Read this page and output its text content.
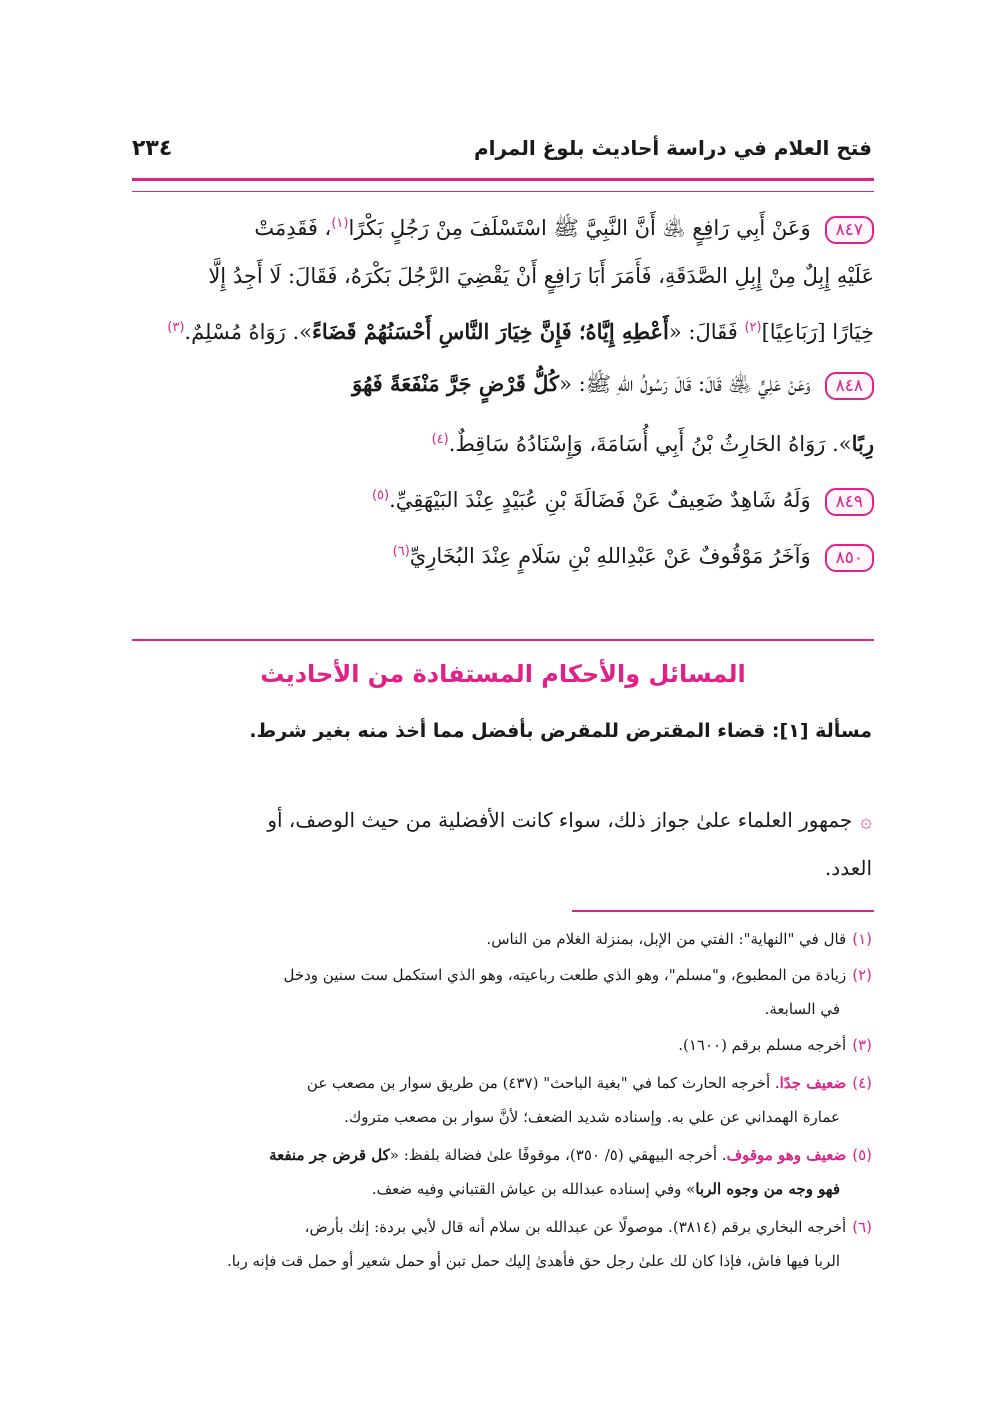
فتح العلام في دراسة أحاديث بلوغ المرام
٢٣٤
٨٤٧وَعَنْ أَبِي رَافِعٍ ﵁ أَنَّ النَّبِيَّ ﷺ اسْتَسْلَفَ مِنْ رَجُلٍ بَكْرًا$^{(١)}$، فَقَدِمَتْ
عَلَيْهِ إِبِلٌ مِنْ إِبِلِ الصَّدَقَةِ، فَأَمَرَ أَبَا رَافِعٍ أَنْ يَقْضِيَ الرَّجُلَ بَكْرَهُ، فَقَالَ: لَا أَجِدُ إِلَّا
خِيَارًا [رَبَاعِيًا]$^{(٢)}$ فَقَالَ: «أَعْطِهِ إِيَّاهُ؛ فَإِنَّ خِيَارَ النَّاسِ أَحْسَنُهُمْ قَضَاءً». رَوَاهُ مُسْلِمٌ.$^{(٣)}$
٨٤٨وَعَنْ عَلِيٍّ ﵁ قَالَ: قَالَ رَسُولُ اللهِ ﷺ: «كُلُّ قَرْضٍ جَرَّ مَنْفَعَةً فَهُوَ
رِبًا». رَوَاهُ الحَارِثُ بْنُ أَبِي أُسَامَةَ، وَإِسْنَادُهُ سَاقِطٌ.$^{(٤)}$
٨٤٩وَلَهُ شَاهِدٌ ضَعِيفٌ عَنْ فَضَالَةَ بْنِ عُبَيْدٍ عِنْدَ البَيْهَقِيِّ.$^{(٥)}$
٨٥٠وَآخَرُ مَوْقُوفٌ عَنْ عَبْدِاللهِ بْنِ سَلَامٍ عِنْدَ البُخَارِيِّ$^{(٦)}$
المسائل والأحكام المستفادة من الأحاديث
مسألة [١]: قضاء المقترض للمقرض بأفضل مما أخذ منه بغير شرط.
۞جمهور العلماء علىٰ جواز ذلك، سواء كانت الأفضلية من حيث الوصف، أو
العدد.
(١)قال في "النهاية": الفتي من الإبل، بمنزلة الغلام من الناس.
(٢)زيادة من المطبوع، و"مسلم"، وهو الذي طلعت رباعيته، وهو الذي استكمل ست سنين ودخل
في السابعة.
(٣)أخرجه مسلم برقم (١٦٠٠).
(٤)ضعيف جدًا. أخرجه الحارث كما في "بغية الباحث" (٤٣٧) من طريق سوار بن مصعب عن
عمارة الهمداني عن علي به. وإسناده شديد الضعف؛ لأنَّ سوار بن مصعب متروك.
(٥)ضعيف وهو موقوف. أخرجه البيهقي (٥/ ٣٥٠)، موقوفًا علىٰ فضالة بلفظ: «كل قرض جر منفعة
فهو وجه من وجوه الربا» وفي إسناده عبدالله بن عياش القتباني وفيه ضعف.
(٦)أخرجه البخاري برقم (٣٨١٤). موصولًا عن عبدالله بن سلام أنه قال لأبي بردة: إنك بأرض،
الربا فيها فاش، فإذا كان لك علىٰ رجل حق فأهدىٰ إليك حمل تبن أو حمل شعير أو حمل قت فإنه ربا.
